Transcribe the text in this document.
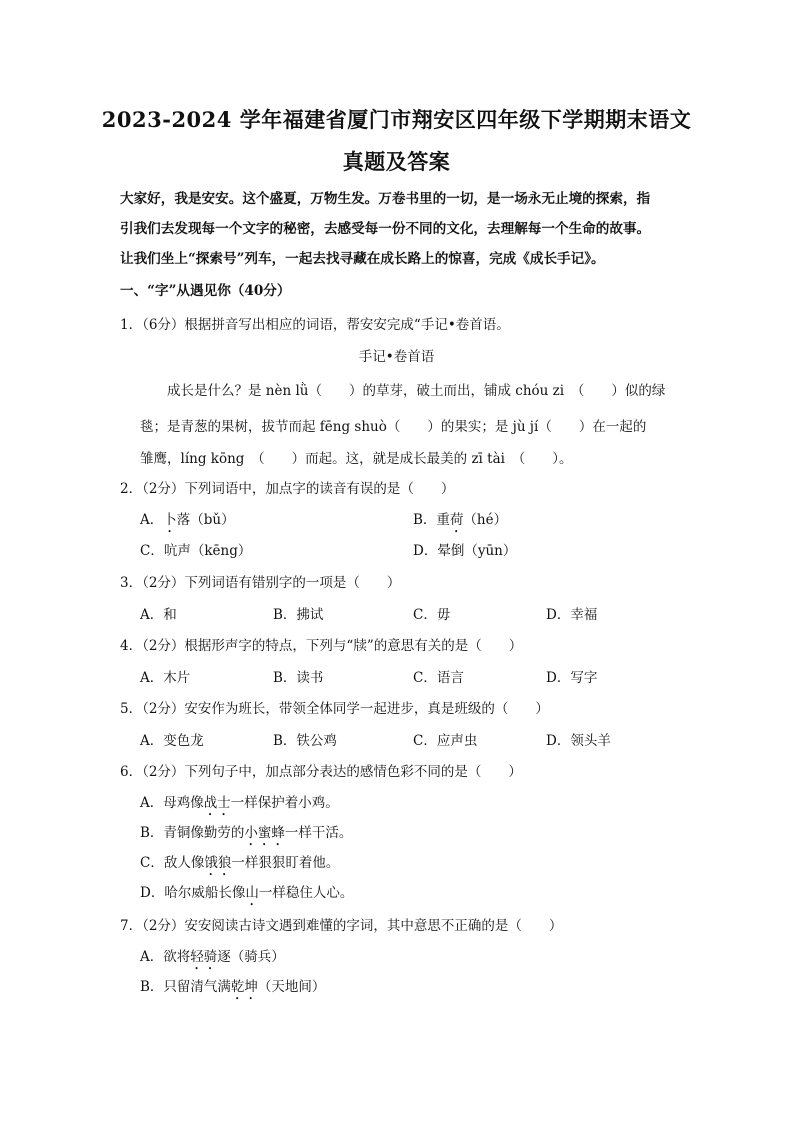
2023-2024 学年福建省厦门市翔安区四年级下学期期末语文
真题及答案
大家好，我是安安。这个盛夏，万物生发。万卷书里的一切，是一场永无止境的探索，指
引我们去发现每一个文字的秘密，去感受每一份不同的文化，去理解每一个生命的故事。
让我们坐上“探索号”列车，一起去找寻藏在成长路上的惊喜，完成《成长手记》。
一、“字”从遇见你（40分）
1．（6分）根据拼音写出相应的词语，帮安安完成“手记•卷首语。
手记•卷首语
成长是什么？是 nèn lǜ（　　）的草芽，破土而出，铺成 chóu zi　（　　）似的绿
毯；是青葱的果树，拔节而起 fēng shuò（　　）的果实；是 jù jí（　　）在一起的
雏鹰，líng kōng　（　　）而起。这，就是成长最美的 zī tài　（　　）。
2．（2分）下列词语中，加点字的读音有误的是（　　）
A．卜落（bǔ）	B．重荷（hé）
C．吭声（kēng）	D．晕倒（yūn）
3．（2分）下列词语有错别字的一项是（　　）
A．和	B．拂试	C．毋	D．幸福
4．（2分）根据形声字的特点，下列与“牍”的意思有关的是（　　）
A．木片	B．读书	C．语言	D．写字
5．（2分）安安作为班长，带领全体同学一起进步，真是班级的（　　）
A．变色龙	B．铁公鸡	C．应声虫	D．领头羊
6．（2分）下列句子中，加点部分表达的感情色彩不同的是（　　）
A．母鸡像战士一样保护着小鸡。
B．青铜像勤劳的小蜜蜂一样干活。
C．敌人像饿狼一样狠狠盯着他。
D．哈尔威船长像山一样稳住人心。
7．（2分）安安阅读古诗文遇到难懂的字词，其中意思不正确的是（　　）
A．欲将轻骑逐（骑兵）
B．只留清气满乾坤（天地间）
